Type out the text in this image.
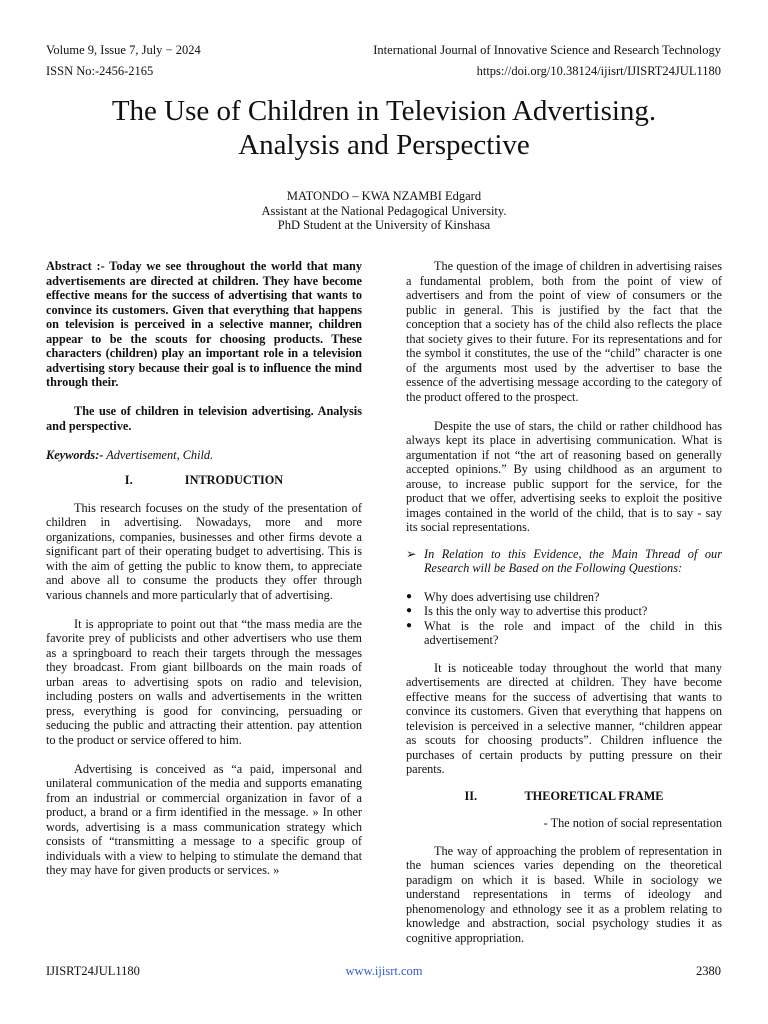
Volume 9, Issue 7, July − 2024
ISSN No:-2456-2165
International Journal of Innovative Science and Research Technology
https://doi.org/10.38124/ijisrt/IJISRT24JUL1180
The Use of Children in Television Advertising.
Analysis and Perspective
MATONDO – KWA NZAMBI Edgard
Assistant at the National Pedagogical University.
PhD Student at the University of Kinshasa

Abstract :- Today we see throughout the world that many advertisements are directed at children. They have become effective means for the success of advertising that wants to convince its customers. Given that everything that happens on television is perceived in a selective manner, children appear to be the scouts for choosing products. These characters (children) play an important role in a television advertising story because their goal is to influence the mind through their.

The use of children in television advertising. Analysis and perspective.

Keywords:- Advertisement, Child.

I.	INTRODUCTION

This research focuses on the study of the presentation of children in advertising. Nowadays, more and more organizations, companies, businesses and other firms devote a significant part of their operating budget to advertising. This is with the aim of getting the public to know them, to appreciate and above all to consume the products they offer through various channels and more particularly that of advertising.

It is appropriate to point out that “the mass media are the favorite prey of publicists and other advertisers who use them as a springboard to reach their targets through the messages they broadcast. From giant billboards on the main roads of urban areas to advertising spots on radio and television, including posters on walls and advertisements in the written press, everything is good for convincing, persuading or seducing the public and attracting their attention. pay attention to the product or service offered to him.

Advertising is conceived as “a paid, impersonal and unilateral communication of the media and supports emanating from an industrial or commercial organization in favor of a product, a brand or a firm identified in the message. » In other words, advertising is a mass communication strategy which consists of “transmitting a message to a specific group of individuals with a view to helping to stimulate the demand that they may have for given products or services. »

The question of the image of children in advertising raises a fundamental problem, both from the point of view of advertisers and from the point of view of consumers or the public in general. This is justified by the fact that the conception that a society has of the child also reflects the place that society gives to their future. For its representations and for the symbol it constitutes, the use of the “child” character is one of the arguments most used by the advertiser to base the essence of the advertising message according to the category of the product offered to the prospect.

Despite the use of stars, the child or rather childhood has always kept its place in advertising communication. What is argumentation if not “the art of reasoning based on generally accepted opinions.” By using childhood as an argument to arouse, to increase public support for the service, for the product that we offer, advertising seeks to exploit the positive images contained in the world of the child, that is to say - say its social representations.

➢ In Relation to this Evidence, the Main Thread of our Research will be Based on the Following Questions:

● Why does advertising use children?
● Is this the only way to advertise this product?
● What is the role and impact of the child in this advertisement?

It is noticeable today throughout the world that many advertisements are directed at children. They have become effective means for the success of advertising that wants to convince its customers. Given that everything that happens on television is perceived in a selective manner, “children appear as scouts for choosing products”. Children influence the purchases of certain products by putting pressure on their parents.

II.	THEORETICAL FRAME

- The notion of social representation

The way of approaching the problem of representation in the human sciences varies depending on the theoretical paradigm on which it is based. While in sociology we understand representations in terms of ideology and phenomenology and ethnology see it as a problem relating to knowledge and abstraction, social psychology studies it as cognitive appropriation.

IJISRT24JUL1180	www.ijisrt.com	2380
